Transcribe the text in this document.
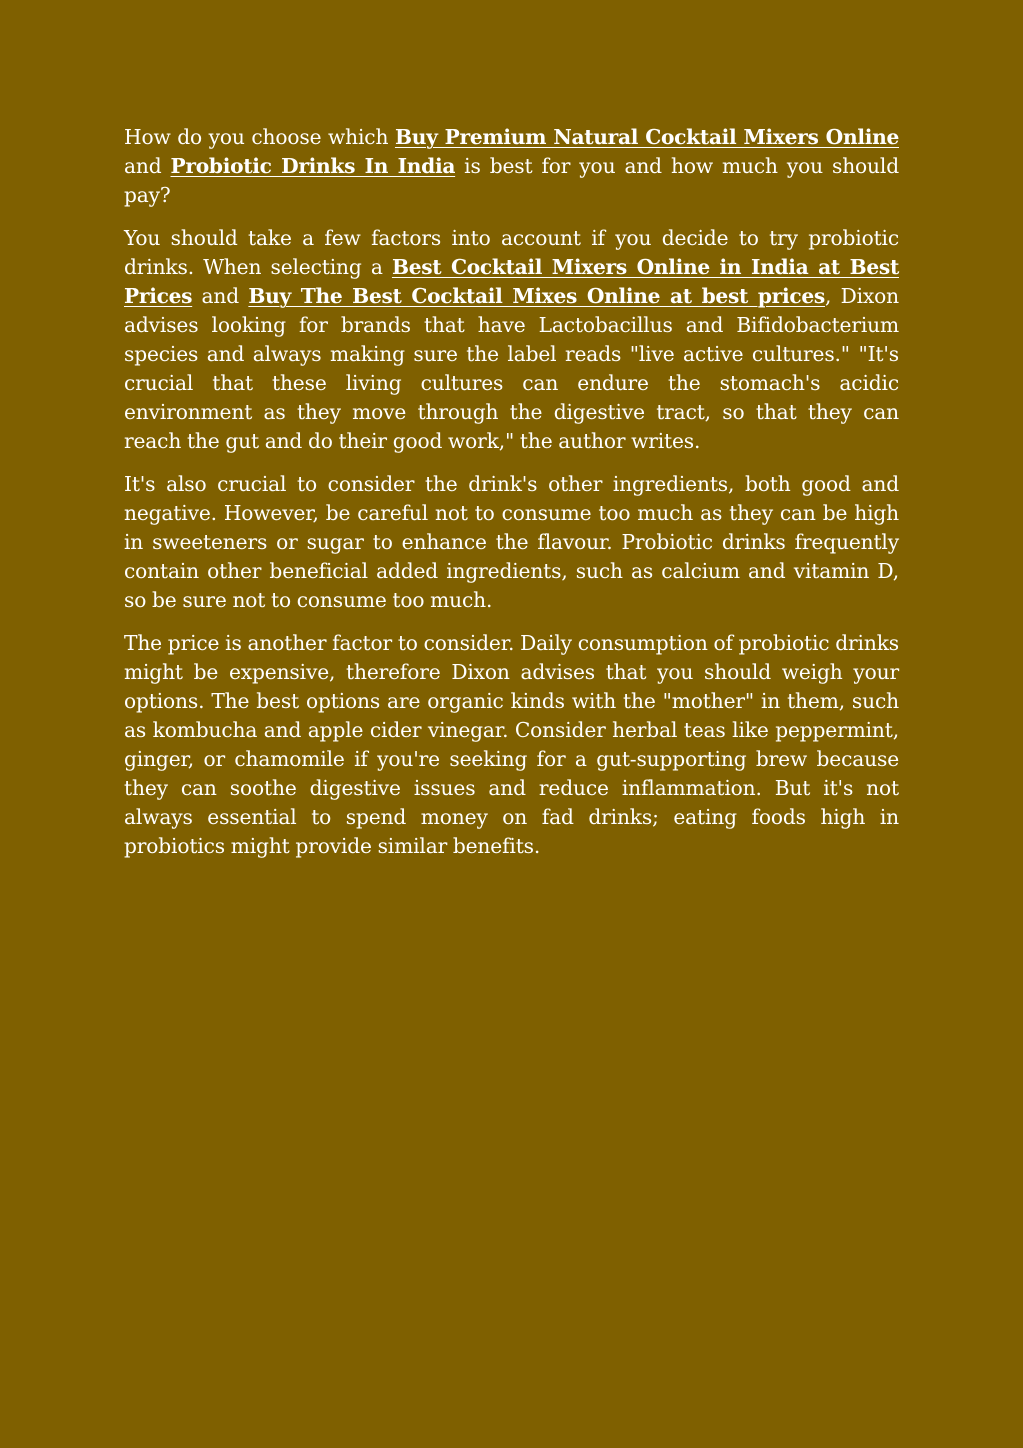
How do you choose which Buy Premium Natural Cocktail Mixers Online and Probiotic Drinks In India is best for you and how much you should pay?

You should take a few factors into account if you decide to try probiotic drinks. When selecting a Best Cocktail Mixers Online in India at Best Prices and Buy The Best Cocktail Mixes Online at best prices, Dixon advises looking for brands that have Lactobacillus and Bifidobacterium species and always making sure the label reads "live active cultures." "It's crucial that these living cultures can endure the stomach's acidic environment as they move through the digestive tract, so that they can reach the gut and do their good work," the author writes.

It's also crucial to consider the drink's other ingredients, both good and negative. However, be careful not to consume too much as they can be high in sweeteners or sugar to enhance the flavour. Probiotic drinks frequently contain other beneficial added ingredients, such as calcium and vitamin D, so be sure not to consume too much.

The price is another factor to consider. Daily consumption of probiotic drinks might be expensive, therefore Dixon advises that you should weigh your options. The best options are organic kinds with the "mother" in them, such as kombucha and apple cider vinegar. Consider herbal teas like peppermint, ginger, or chamomile if you're seeking for a gut-supporting brew because they can soothe digestive issues and reduce inflammation. But it's not always essential to spend money on fad drinks; eating foods high in probiotics might provide similar benefits.
